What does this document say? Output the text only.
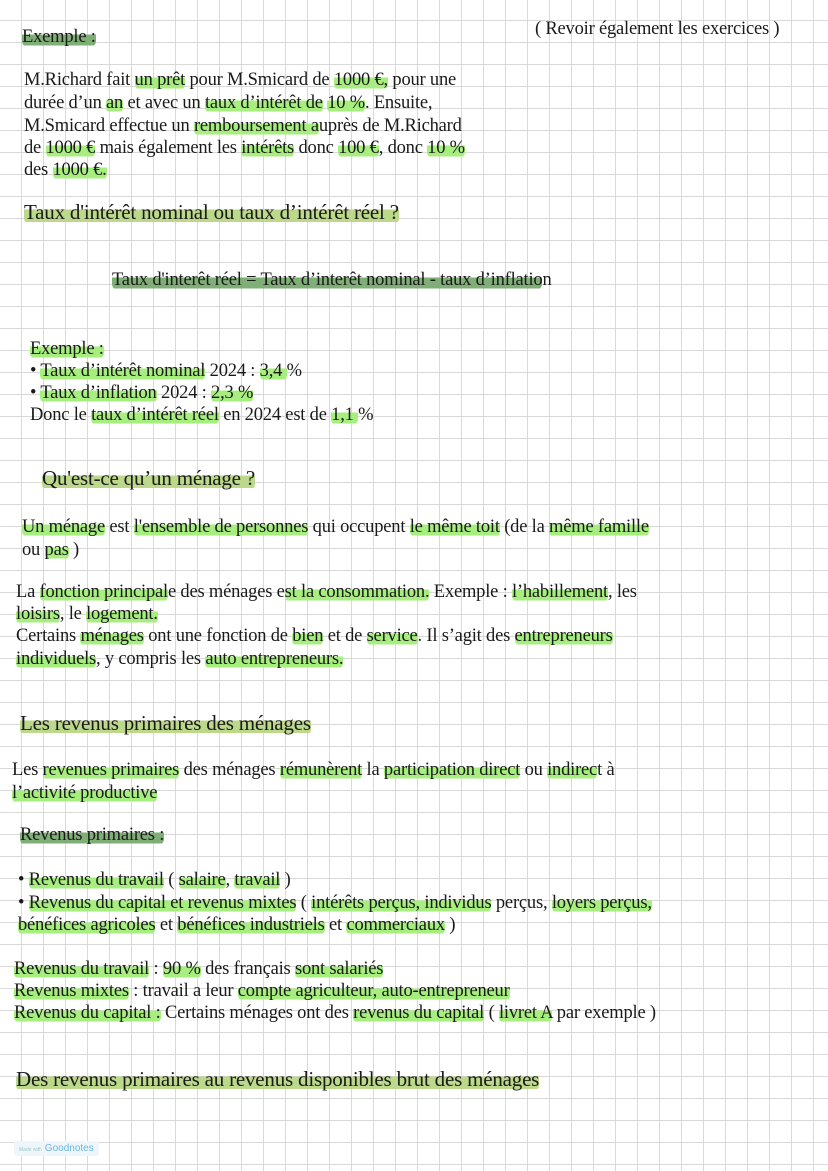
( Revoir également les exercices )
Exemple :
M.Richard fait un prêt pour M.Smicard de 1000 €, pour une
durée d’un an et avec un taux d’intérêt de 10 %. Ensuite,
M.Smicard effectue un remboursement auprès de M.Richard
de 1000 € mais également les intérêts donc 100 €, donc 10 %
des 1000 €.
Taux d'intérêt nominal ou taux d’intérêt réel ?
Taux d'interêt réel = Taux d’interêt nominal - taux d’inflation
Exemple :
• Taux d’intérêt nominal 2024 : 3,4 %
• Taux d’inflation 2024 : 2,3 %
Donc le taux d’intérêt réel en 2024 est de 1,1 %
Qu'est-ce qu’un ménage ?
Un ménage est l'ensemble de personnes qui occupent le même toit (de la même famille
ou pas )
La fonction principale des ménages est la consommation. Exemple : l’habillement, les
loisirs, le logement.
Certains ménages ont une fonction de bien et de service. Il s’agit des entrepreneurs
individuels, y compris les auto entrepreneurs.
Les revenus primaires des ménages
Les revenues primaires des ménages rémunèrent la participation direct ou indirect à
l’activité productive
Revenus primaires :
• Revenus du travail ( salaire, travail )
• Revenus du capital et revenus mixtes ( intérêts perçus, individus perçus, loyers perçus,
bénéfices agricoles et bénéfices industriels et commerciaux )
Revenus du travail : 90 % des français sont salariés
Revenus mixtes : travail a leur compte agriculteur, auto-entrepreneur
Revenus du capital : Certains ménages ont des revenus du capital ( livret A par exemple )
Des revenus primaires au revenus disponibles brut des ménages
Made with Goodnotes
